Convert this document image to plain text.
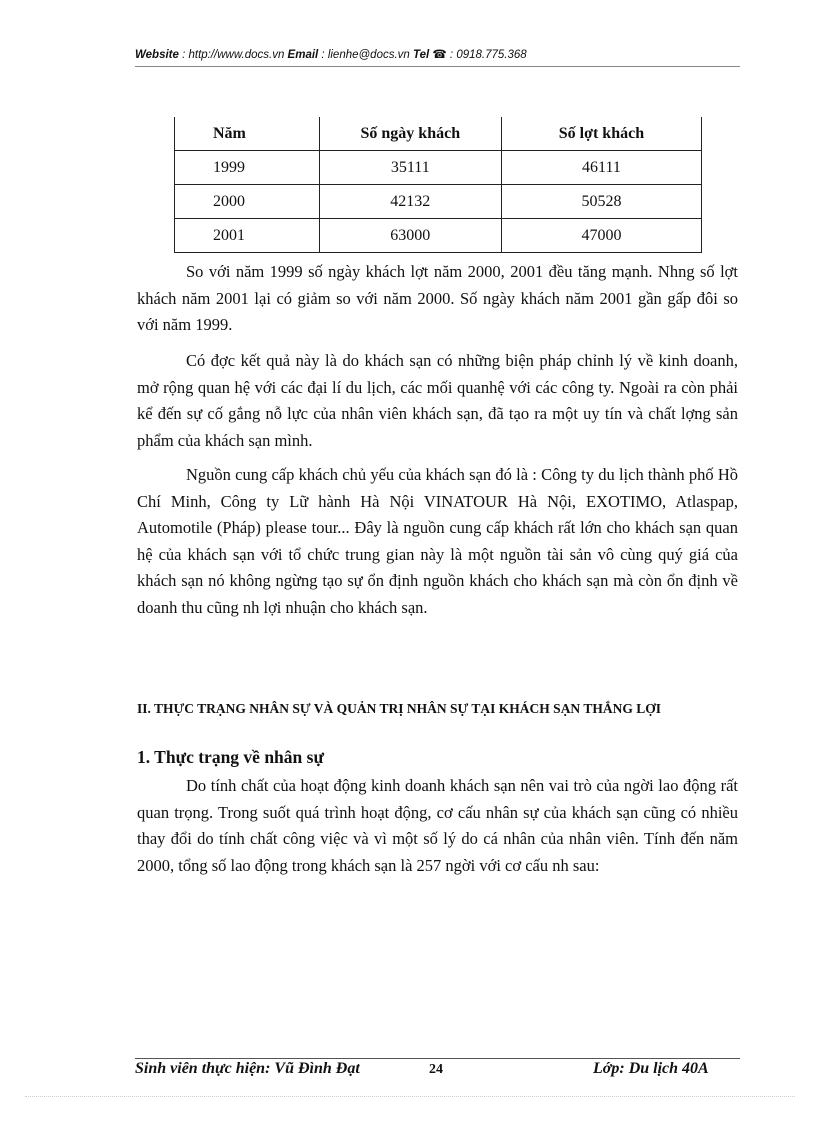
Website : http://www.docs.vn Email : lienhe@docs.vn Tel ☎ : 0918.775.368
Năm	Số ngày khách	Số lợt khách
1999	35111	46111
2000	42132	50528
2001	63000	47000

So với năm 1999 số ngày khách lợt năm 2000, 2001 đều tăng mạnh. Nhng số lợt khách năm 2001 lại có giảm so với năm 2000. Số ngày khách năm 2001 gần gấp đôi so với năm 1999.

Có đợc kết quả này là do khách sạn có những biện pháp chỉnh lý về kinh doanh, mở rộng quan hệ với các đại lí du lịch, các mối quanhệ với các công ty. Ngoài ra còn phải kể đến sự cố gắng nỗ lực của nhân viên khách sạn, đã tạo ra một uy tín và chất lợng sản phẩm của khách sạn mình.

Nguồn cung cấp khách chủ yếu của khách sạn đó là : Công ty du lịch thành phố Hồ Chí Minh, Công ty Lữ hành Hà Nội VINATOUR Hà Nội, EXOTIMO, Atlaspap, Automotile (Pháp) please tour... Đây là nguồn cung cấp khách rất lớn cho khách sạn quan hệ của khách sạn với tổ chức trung gian này là một nguồn tài sản vô cùng quý giá của khách sạn nó không ngừng tạo sự ổn định nguồn khách cho khách sạn mà còn ổn định về doanh thu cũng nh lợi nhuận cho khách sạn.

II. THỰC TRẠNG NHÂN SỰ VÀ QUẢN TRỊ NHÂN SỰ TẠI KHÁCH SẠN THẮNG LỢI

1. Thực trạng về nhân sự

Do tính chất của hoạt động kinh doanh khách sạn nên vai trò của ngời lao động rất quan trọng. Trong suốt quá trình hoạt động, cơ cấu nhân sự của khách sạn cũng có nhiều thay đổi do tính chất công việc và vì một số lý do cá nhân của nhân viên. Tính đến năm 2000, tổng số lao động trong khách sạn là 257 ngời với cơ cấu nh sau:

Sinh viên thực hiện: Vũ Đình Đạt	24	Lớp: Du lịch 40A
